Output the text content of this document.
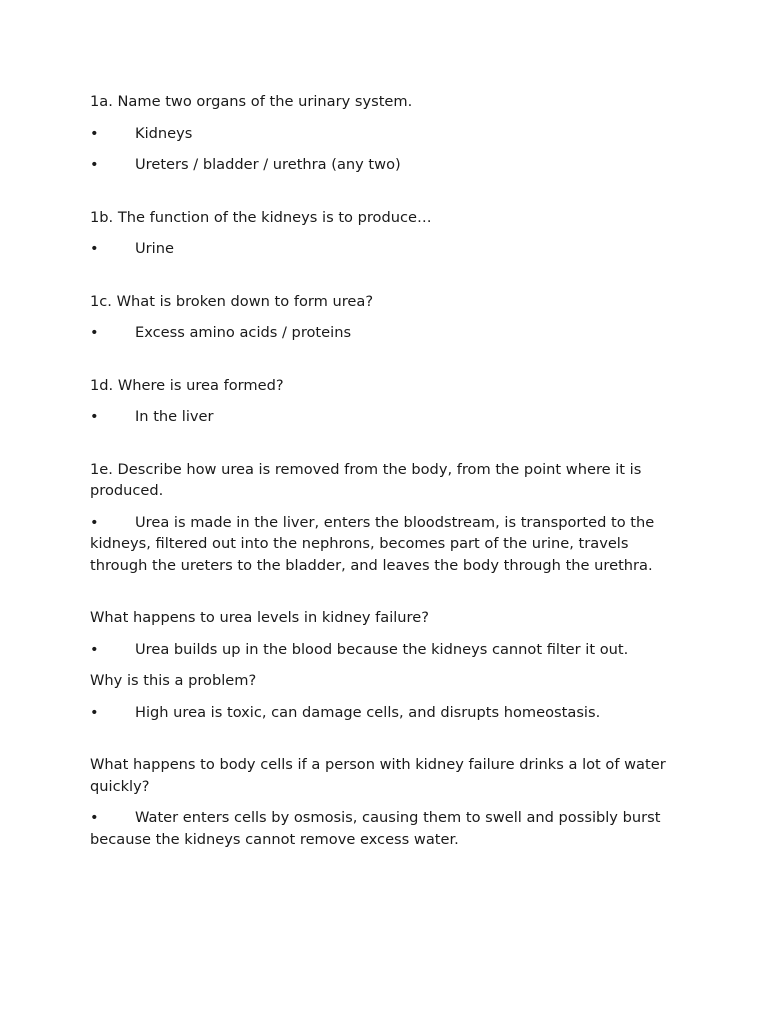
1a. Name two organs of the urinary system.

• Kidneys
• Ureters / bladder / urethra (any two)

1b. The function of the kidneys is to produce…

• Urine

1c. What is broken down to form urea?

• Excess amino acids / proteins

1d. Where is urea formed?

• In the liver

1e. Describe how urea is removed from the body, from the point where it is produced.

• Urea is made in the liver, enters the bloodstream, is transported to the kidneys, filtered out into the nephrons, becomes part of the urine, travels through the ureters to the bladder, and leaves the body through the urethra.

What happens to urea levels in kidney failure?

• Urea builds up in the blood because the kidneys cannot filter it out.

Why is this a problem?

• High urea is toxic, can damage cells, and disrupts homeostasis.

What happens to body cells if a person with kidney failure drinks a lot of water quickly?

• Water enters cells by osmosis, causing them to swell and possibly burst because the kidneys cannot remove excess water.
